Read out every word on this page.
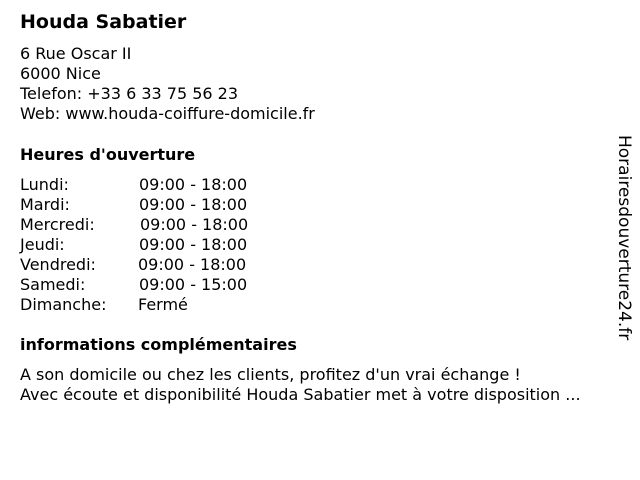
Houda Sabatier
6 Rue Oscar II
6000 Nice
Telefon: +33 6 33 75 56 23
Web: www.houda-coiffure-domicile.fr
Heures d'ouverture
Lundi:	09:00 - 18:00
Mardi:	09:00 - 18:00
Mercredi:	09:00 - 18:00
Jeudi:	09:00 - 18:00
Vendredi:	09:00 - 18:00
Samedi:	09:00 - 15:00
Dimanche: Fermé
informations complémentaires
A son domicile ou chez les clients, profitez d'un vrai échange !
Avec écoute et disponibilité Houda Sabatier met à votre disposition ...
Horairesdouverture24.fr
